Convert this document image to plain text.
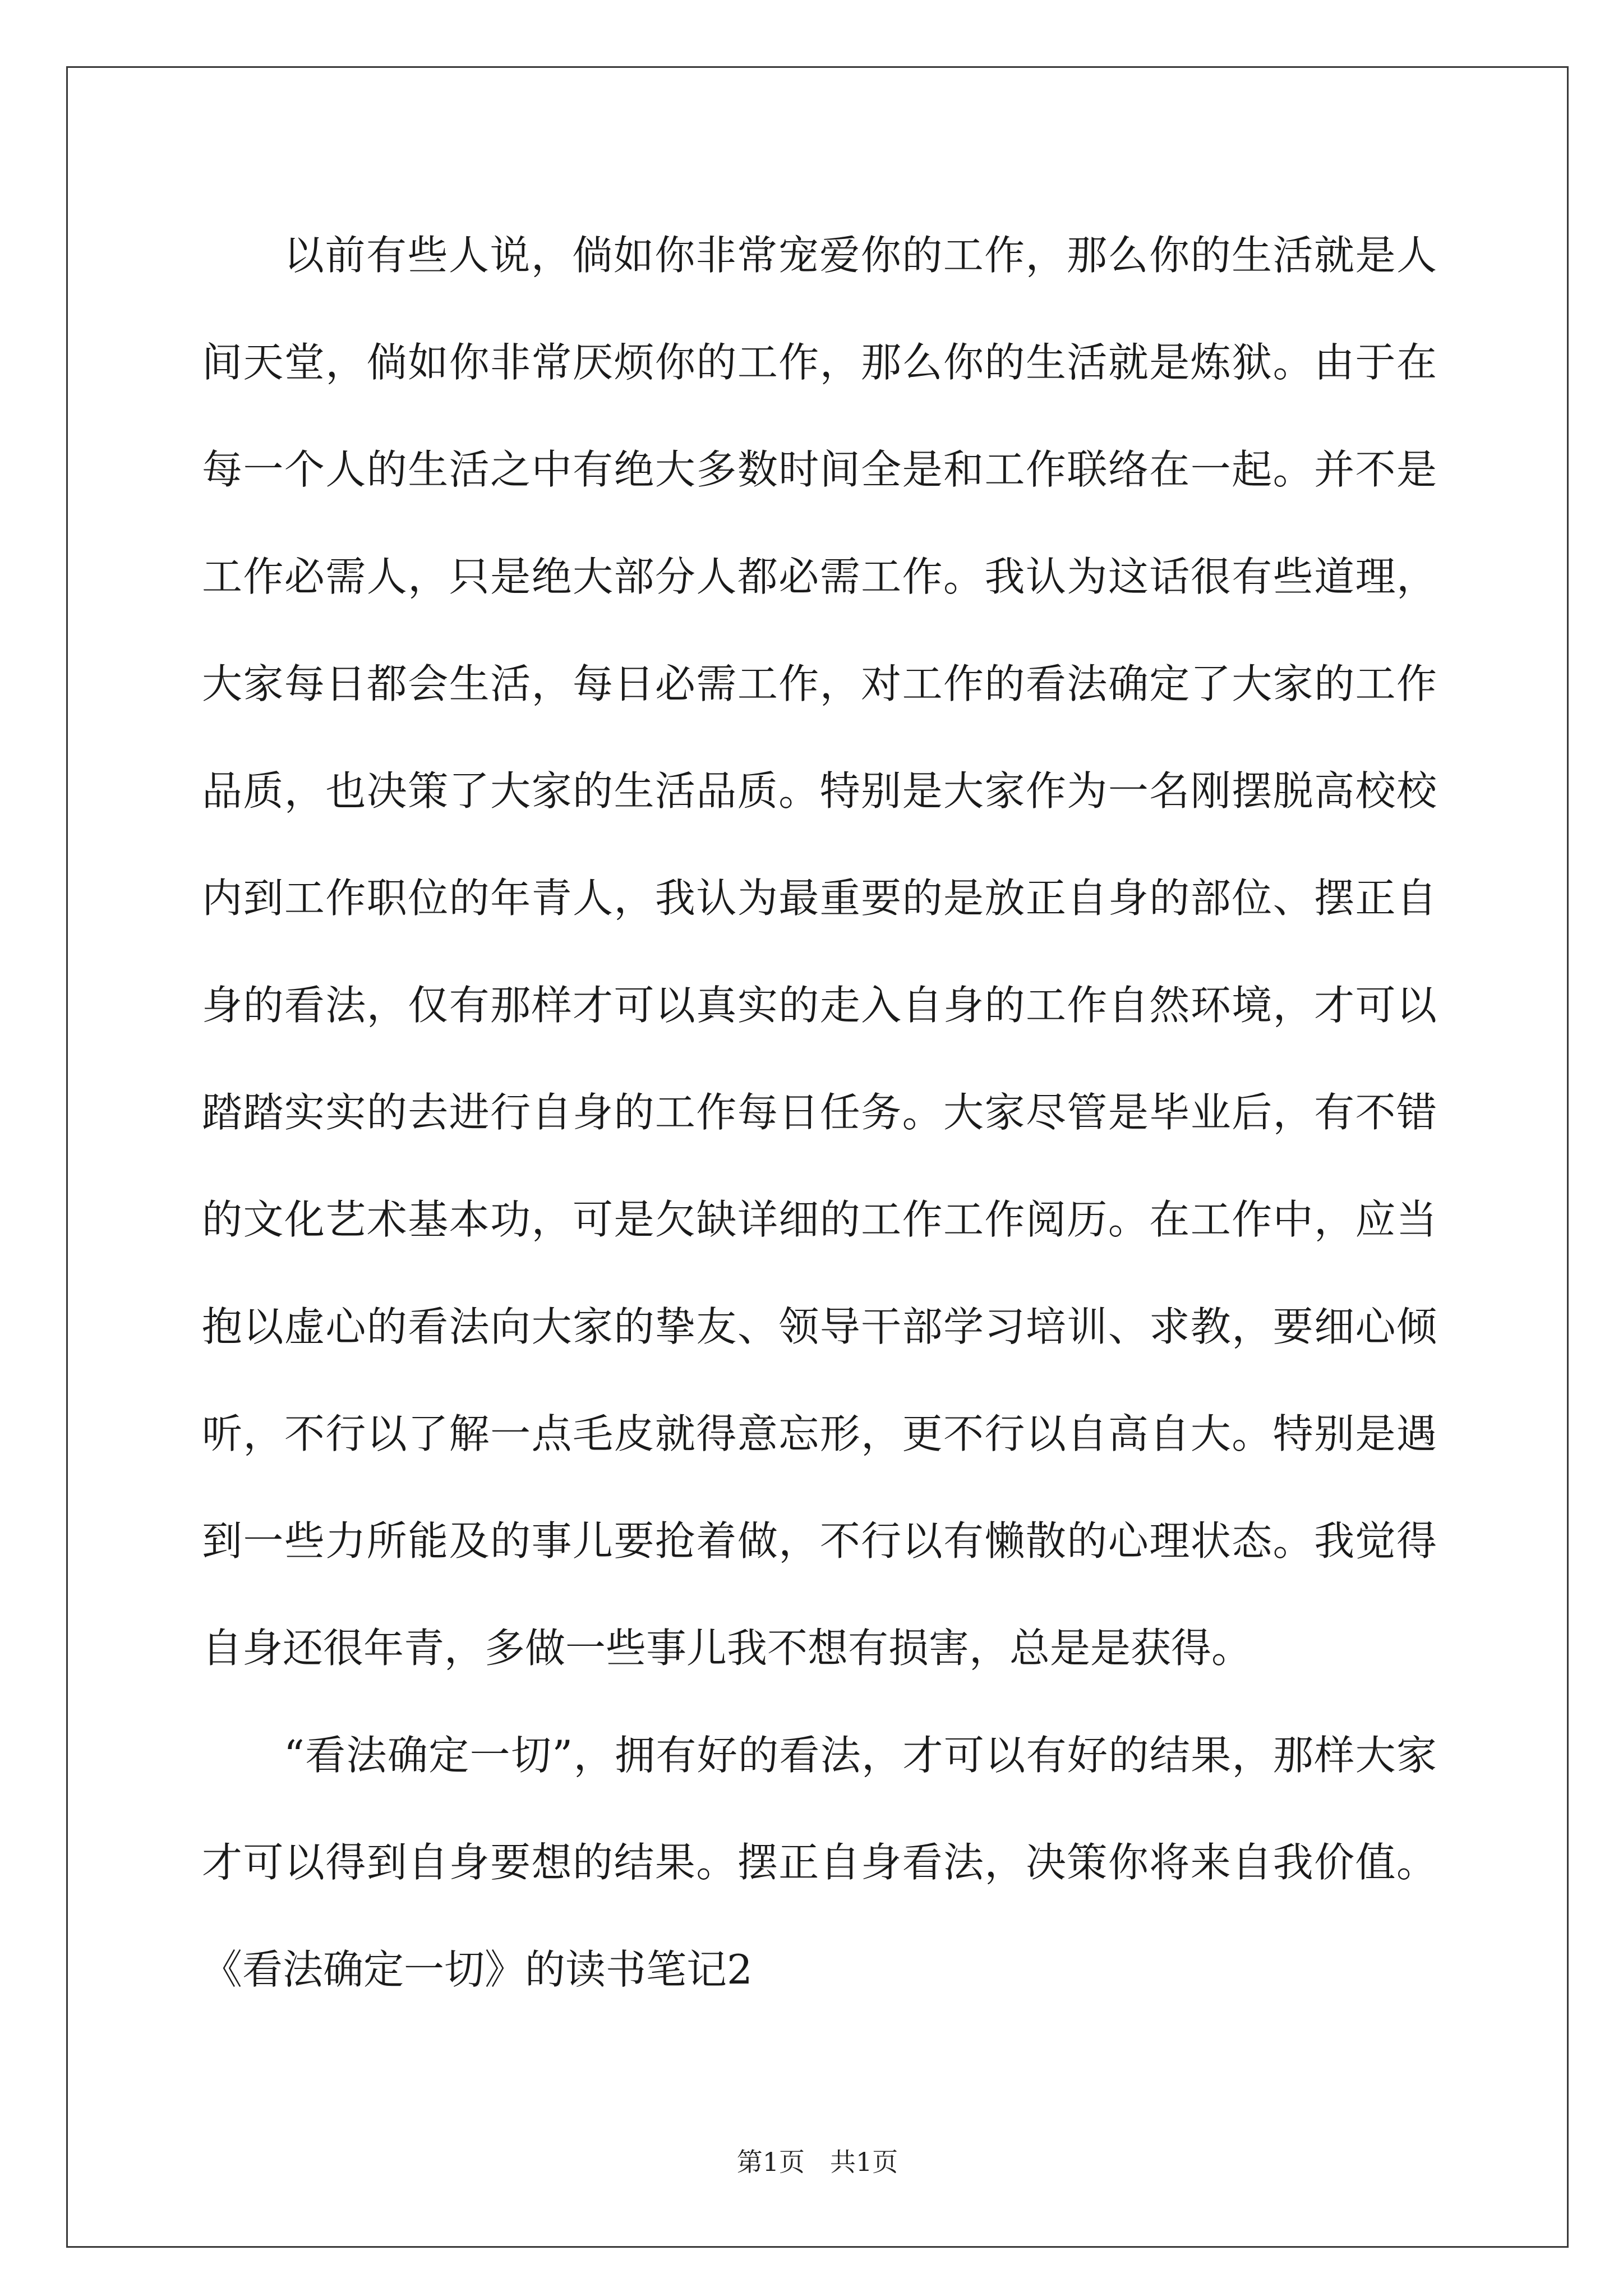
以前有些人说，倘如你非常宠爱你的工作，那么你的生活就是人
间天堂，倘如你非常厌烦你的工作，那么你的生活就是炼狱。由于在
每一个人的生活之中有绝大多数时间全是和工作联络在一起。并不是
工作必需人，只是绝大部分人都必需工作。我认为这话很有些道理，
大家每日都会生活，每日必需工作，对工作的看法确定了大家的工作
品质，也决策了大家的生活品质。特别是大家作为一名刚摆脱高校校
内到工作职位的年青人，我认为最重要的是放正自身的部位、摆正自
身的看法，仅有那样才可以真实的走入自身的工作自然环境，才可以
踏踏实实的去进行自身的工作每日任务。大家尽管是毕业后，有不错
的文化艺术基本功，可是欠缺详细的工作工作阅历。在工作中，应当
抱以虚心的看法向大家的挚友、领导干部学习培训、求教，要细心倾
听，不行以了解一点毛皮就得意忘形，更不行以自高自大。特别是遇
到一些力所能及的事儿要抢着做，不行以有懒散的心理状态。我觉得
自身还很年青，多做一些事儿我不想有损害，总是是获得。
“看法确定一切”，拥有好的看法，才可以有好的结果，那样大家
才可以得到自身要想的结果。摆正自身看法，决策你将来自我价值。
《看法确定一切》的读书笔记2
第1页 共1页
